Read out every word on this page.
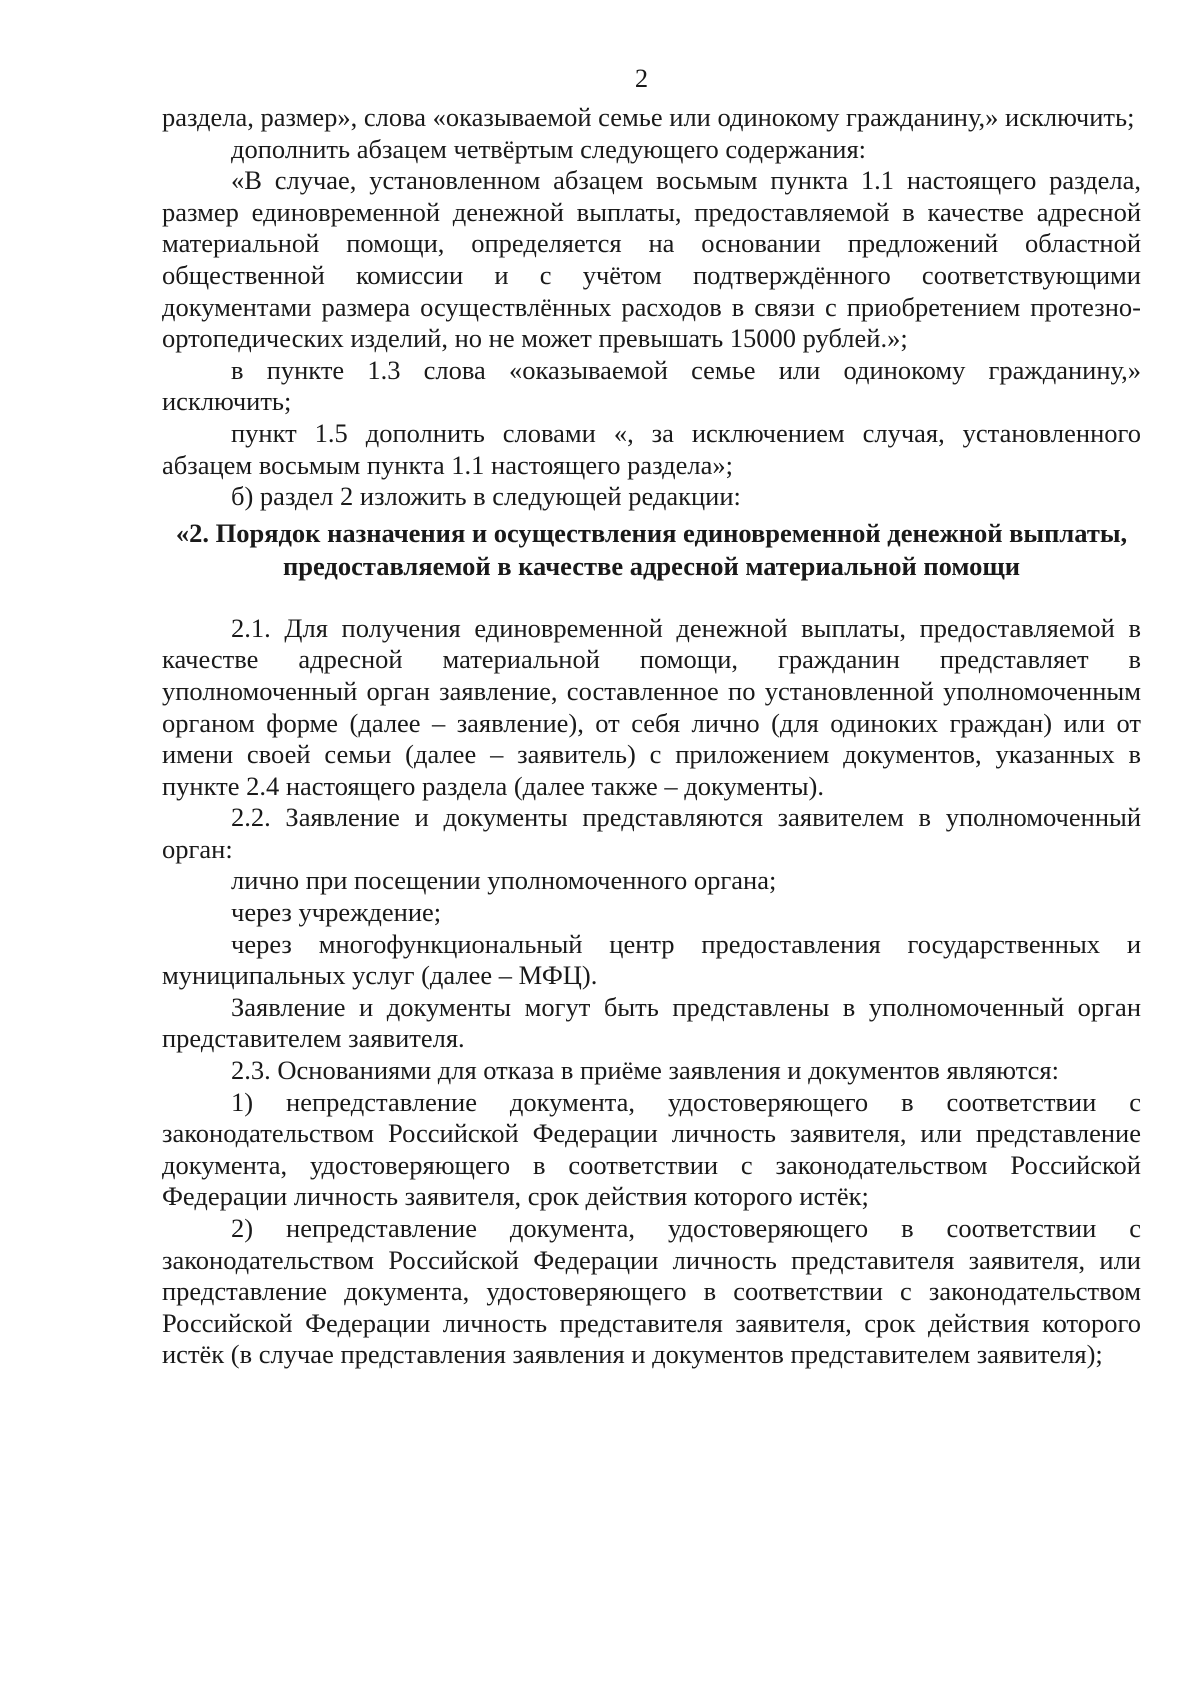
2

раздела, размер», слова «оказываемой семье или одинокому гражданину,» исключить;

дополнить абзацем четвёртым следующего содержания:

«В случае, установленном абзацем восьмым пункта 1.1 настоящего раздела, размер единовременной денежной выплаты, предоставляемой в качестве адресной материальной помощи, определяется на основании предложений областной общественной комиссии и с учётом подтверждённого соответствующими документами размера осуществлённых расходов в связи с приобретением протезно-ортопедических изделий, но не может превышать 15000 рублей.»;

в пункте 1.3 слова «оказываемой семье или одинокому гражданину,» исключить;

пункт 1.5 дополнить словами «, за исключением случая, установленного абзацем восьмым пункта 1.1 настоящего раздела»;

б) раздел 2 изложить в следующей редакции:

«2. Порядок назначения и осуществления единовременной денежной выплаты, предоставляемой в качестве адресной материальной помощи

2.1. Для получения единовременной денежной выплаты, предоставляемой в качестве адресной материальной помощи, гражданин представляет в уполномоченный орган заявление, составленное по установленной уполномоченным органом форме (далее – заявление), от себя лично (для одиноких граждан) или от имени своей семьи (далее – заявитель) с приложением документов, указанных в пункте 2.4 настоящего раздела (далее также – документы).

2.2. Заявление и документы представляются заявителем в уполномоченный орган:

лично при посещении уполномоченного органа;

через учреждение;

через многофункциональный центр предоставления государственных и муниципальных услуг (далее – МФЦ).

Заявление и документы могут быть представлены в уполномоченный орган представителем заявителя.

2.3. Основаниями для отказа в приёме заявления и документов являются:

1) непредставление документа, удостоверяющего в соответствии с законодательством Российской Федерации личность заявителя, или представление документа, удостоверяющего в соответствии с законодательством Российской Федерации личность заявителя, срок действия которого истёк;

2) непредставление документа, удостоверяющего в соответствии с законодательством Российской Федерации личность представителя заявителя, или представление документа, удостоверяющего в соответствии с законодательством Российской Федерации личность представителя заявителя, срок действия которого истёк (в случае представления заявления и документов представителем заявителя);
